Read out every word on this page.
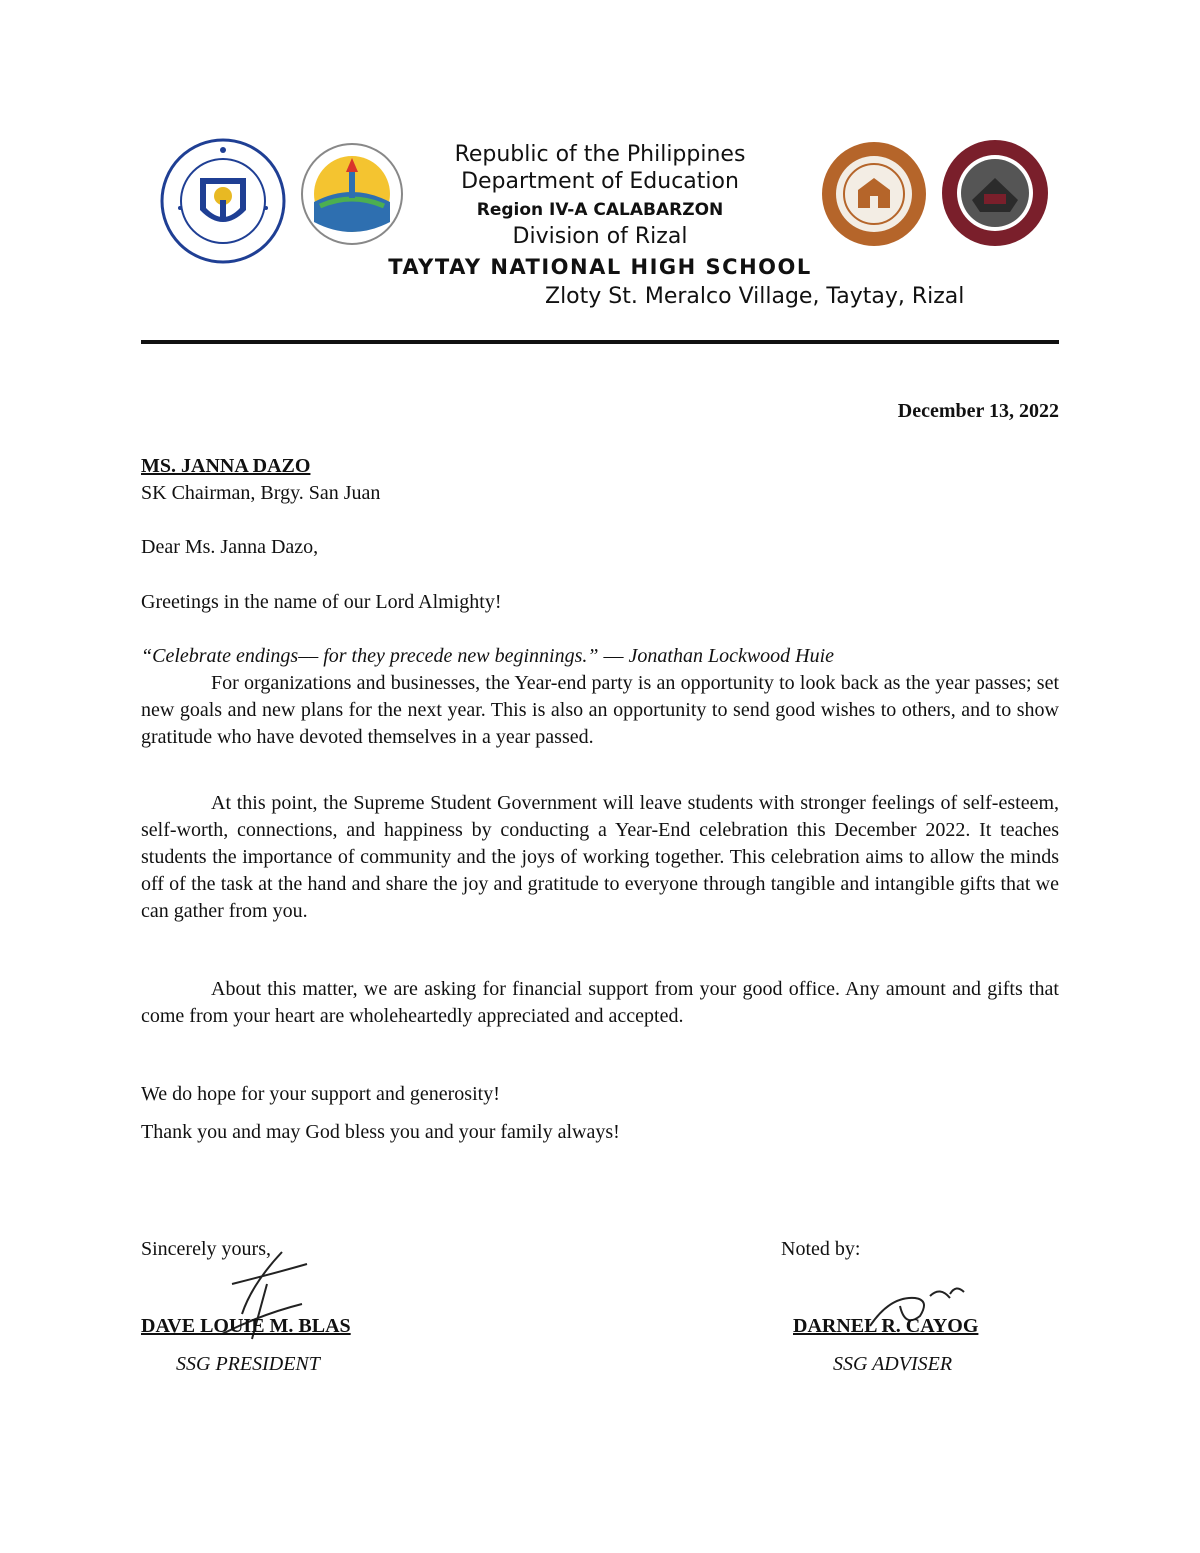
Republic of the Philippines
Department of Education
Region IV-A CALABARZON
Division of Rizal
TAYTAY NATIONAL HIGH SCHOOL
Zloty St. Meralco Village, Taytay, Rizal
December 13, 2022
MS. JANNA DAZO
SK Chairman, Brgy. San Juan
Dear Ms. Janna Dazo,
Greetings in the name of our Lord Almighty!
“Celebrate endings–– for they precede new beginnings.” –– Jonathan Lockwood Huie
For organizations and businesses, the Year-end party is an opportunity to look back as the year passes; set new goals and new plans for the next year. This is also an opportunity to send good wishes to others, and to show gratitude who have devoted themselves in a year passed.
At this point, the Supreme Student Government will leave students with stronger feelings of self-esteem, self-worth, connections, and happiness by conducting a Year-End celebration this December 2022. It teaches students the importance of community and the joys of working together. This celebration aims to allow the minds off of the task at the hand and share the joy and gratitude to everyone through tangible and intangible gifts that we can gather from you.
About this matter, we are asking for financial support from your good office. Any amount and gifts that come from your heart are wholeheartedly appreciated and accepted.
We do hope for your support and generosity!
Thank you and may God bless you and your family always!
Sincerely yours,	Noted by:
DAVE LOUIE M. BLAS
SSG PRESIDENT
DARNEL R. CAYOG
SSG ADVISER
